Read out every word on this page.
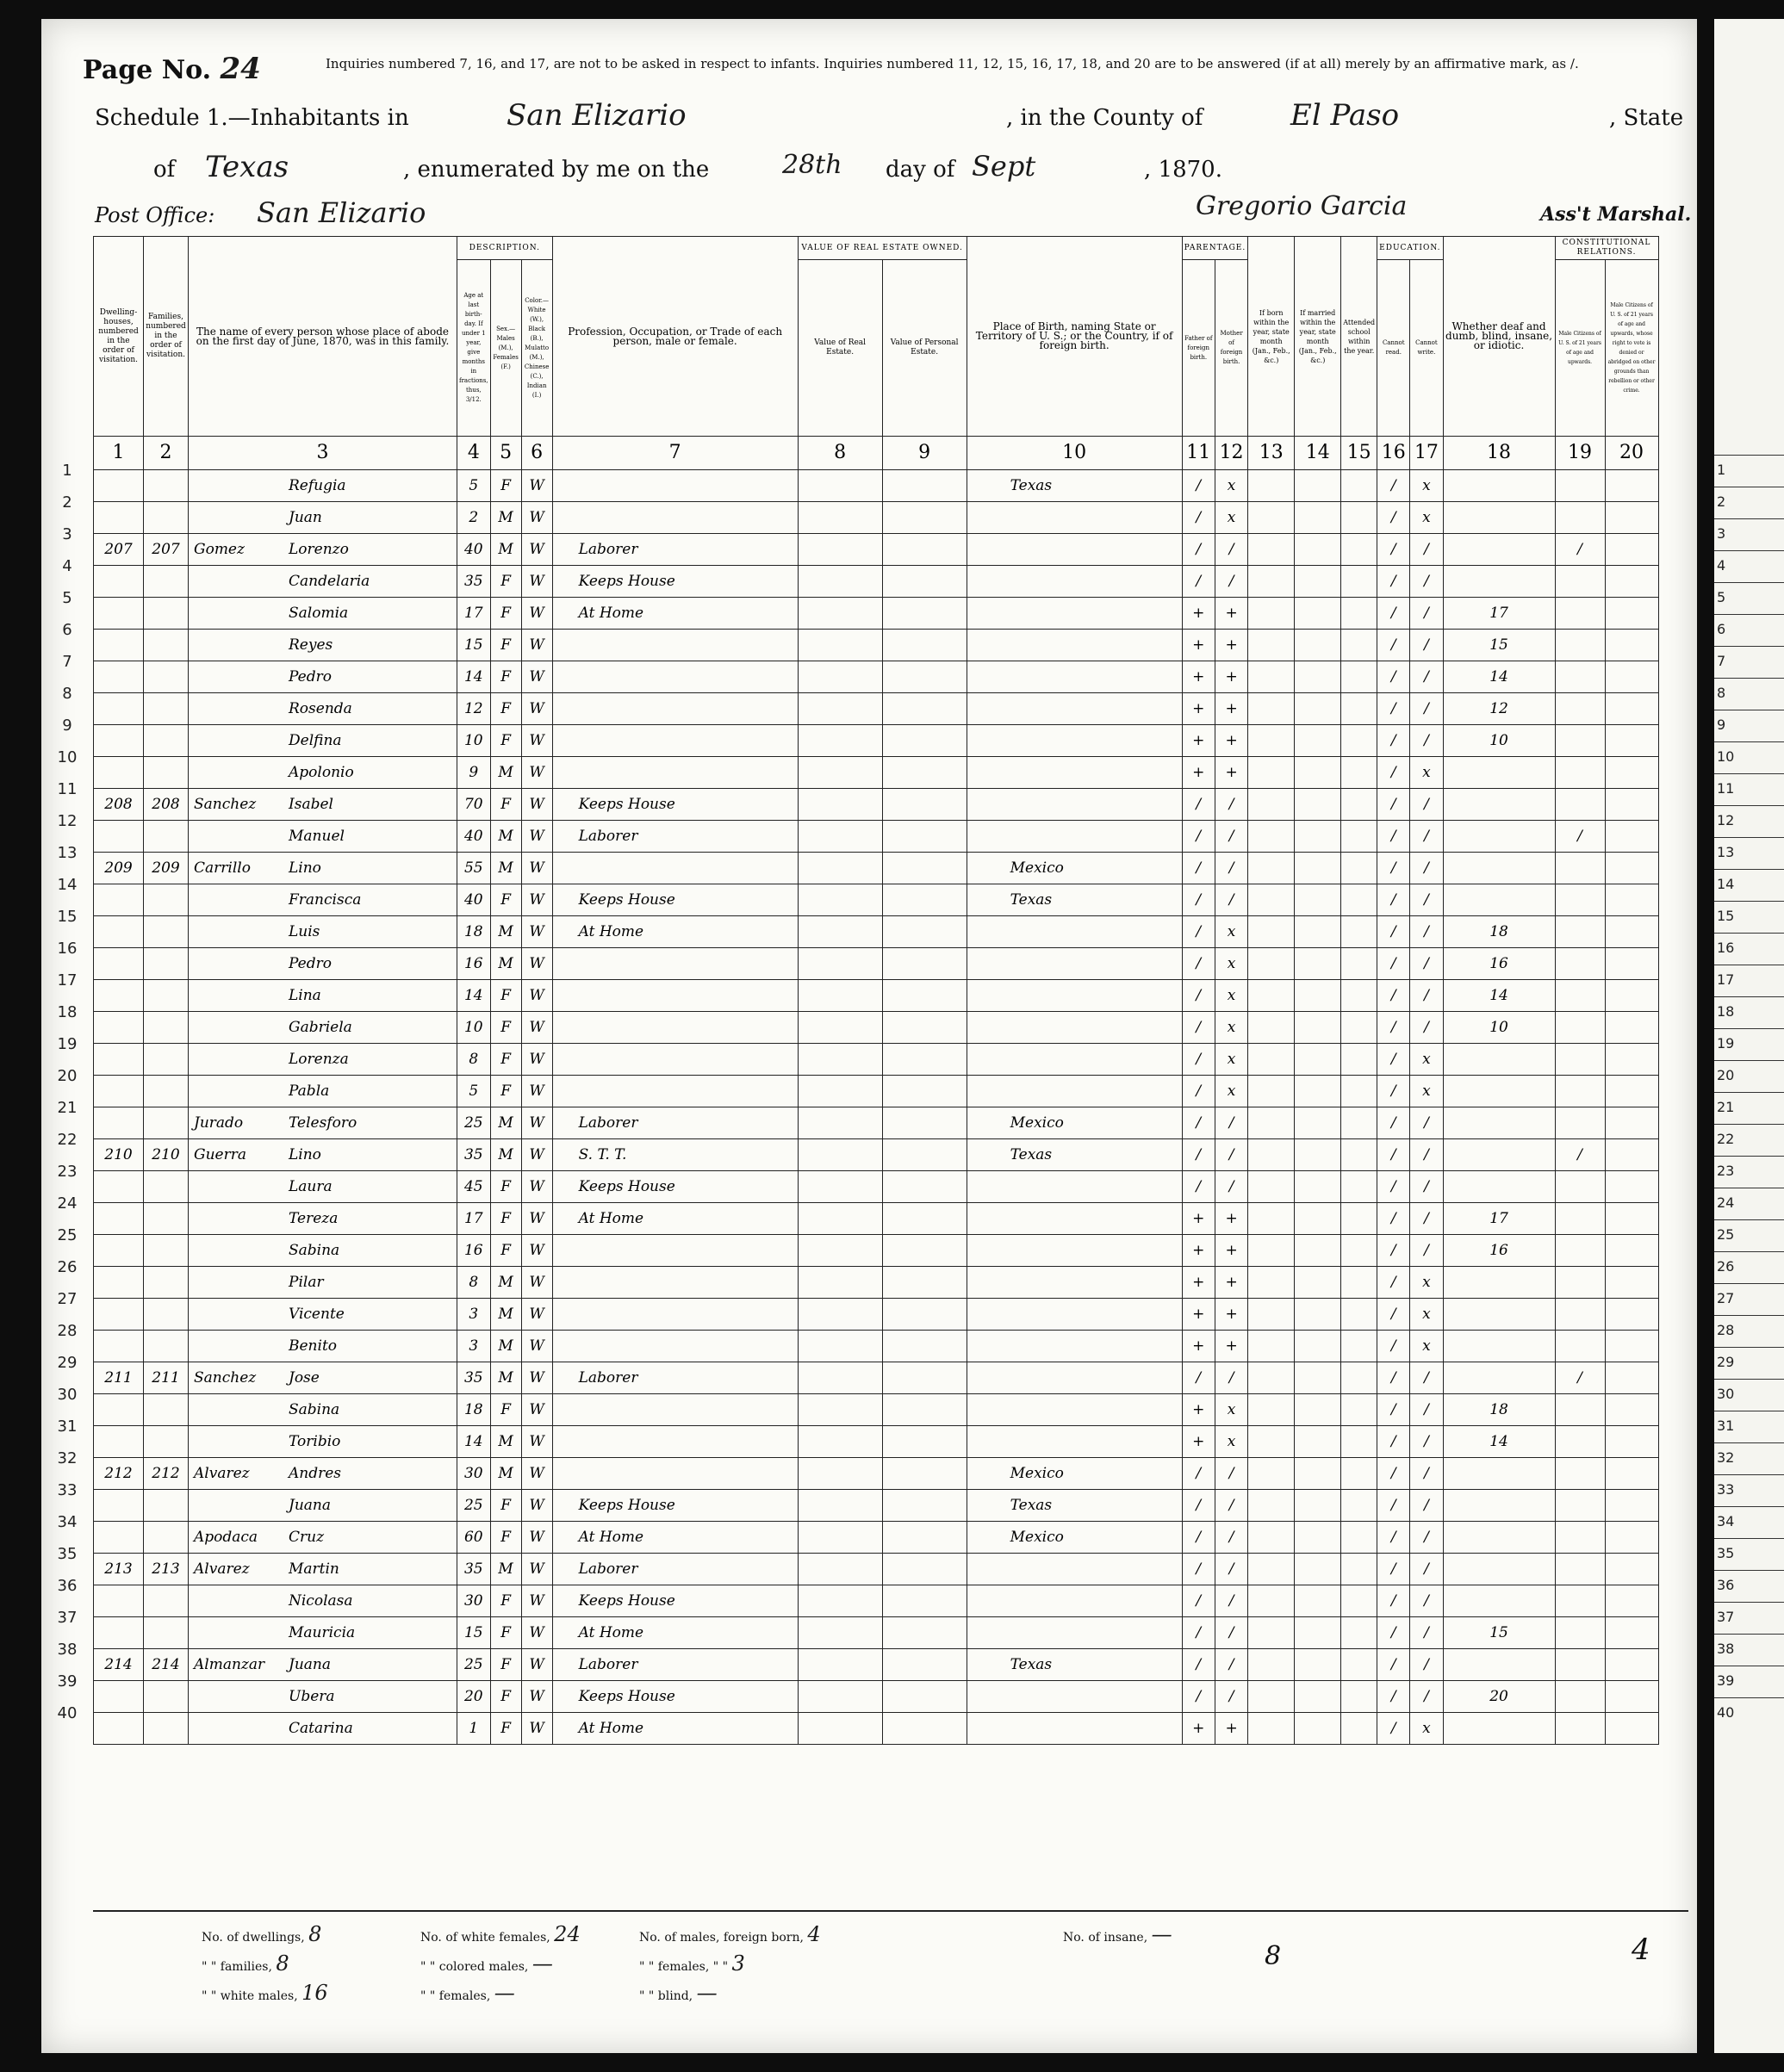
Page No. 24	Inquiries numbered 7, 16, and 17, are not to be asked in respect to infants. Inquiries numbered 11, 12, 15, 16, 17, 18, and 20 are to be answered (if at all) merely by an affirmative mark, as /.
Schedule 1.—Inhabitants in	San Elizario	, in the County of	El Paso	, State
of Texas	, enumerated by me on the	28th day of Sept	, 1870.
Post Office: San Elizario	Gregorio Garcia	Ass't Marshal.
1
2
3
4
5
6
7
8
9
10
11
12
13
14
15
16
17
18
19
20
21
22
23
24
25
26
27
28
29
30
31
32
33
34
35
36
37
38
39
40
Dwelling-houses, numbered in the order of visitation.	Families, numbered in the order of visitation.	The name of every person whose place of abode on the first day of June, 1870, was in this family.	DESCRIPTION.			Profession, Occupation, or Trade of each person, male or female.	VALUE OF REAL ESTATE OWNED.		Place of Birth, naming State or Territory of U. S.; or the Country, if of foreign birth.	PARENTAGE.		If born within the year, state month (Jan., Feb., &c.)	If married within the year, state month (Jan., Feb., &c.)	Attended school within the year.	EDUCATION.		Whether deaf and dumb, blind, insane, or idiotic.	CONSTITUTIONAL RELATIONS.	
			Age at last birth-day. If under 1 year, give months in fractions, thus, 3/12.	Sex.—Males (M.), Females (F.)	Color.—White (W.), Black (B.), Mulatto (M.), Chinese (C.), Indian (I.)		Value of Real Estate.	Value of Personal Estate.		Father of foreign birth.	Mother of foreign birth.				Cannot read.	Cannot write.		Male Citizens of U. S. of 21 years of age and upwards.	Male Citizens of U. S. of 21 years of age and upwards, whose right to vote is denied or abridged on other grounds than rebellion or other crime.
1	2	3	4	5	6	7	8	9	10	11	12	13	14	15	16	17	18	19	20
		Refugia	5	F	W				Texas	/	x				/	x			
		Juan	2	M	W					/	x				/	x			
207	207	Gomez Lorenzo	40	M	W	Laborer				/	/				/	/		/	
		Candelaria	35	F	W	Keeps House				/	/				/	/			
		Salomia	17	F	W	At Home				+	+				/	/	17		
		Reyes	15	F	W					+	+				/	/	15		
		Pedro	14	F	W					+	+				/	/	14		
		Rosenda	12	F	W					+	+				/	/	12		
		Delfina	10	F	W					+	+				/	/	10		
		Apolonio	9	M	W					+	+				/	x			
208	208	Sanchez Isabel	70	F	W	Keeps House				/	/				/	/			
		Manuel	40	M	W	Laborer				/	/				/	/		/	
209	209	Carrillo Lino	55	M	W				Mexico	/	/				/	/			
		Francisca	40	F	W	Keeps House			Texas	/	/				/	/			
		Luis	18	M	W	At Home				/	x				/	/	18		
		Pedro	16	M	W					/	x				/	/	16		
		Lina	14	F	W					/	x				/	/	14		
		Gabriela	10	F	W					/	x				/	/	10		
		Lorenza	8	F	W					/	x				/	x			
		Pabla	5	F	W					/	x				/	x			
		Jurado Telesforo	25	M	W	Laborer			Mexico	/	/				/	/			
210	210	Guerra Lino	35	M	W	S. T. T.			Texas	/	/				/	/		/	
		Laura	45	F	W	Keeps House				/	/				/	/			
		Tereza	17	F	W	At Home				+	+				/	/	17		
		Sabina	16	F	W					+	+				/	/	16		
		Pilar	8	M	W					+	+				/	x			
		Vicente	3	M	W					+	+				/	x			
		Benito	3	M	W					+	+				/	x			
211	211	Sanchez Jose	35	M	W	Laborer				/	/				/	/		/	
		Sabina	18	F	W					+	x				/	/	18		
		Toribio	14	M	W					+	x				/	/	14		
212	212	Alvarez Andres	30	M	W				Mexico	/	/				/	/			
		Juana	25	F	W	Keeps House			Texas	/	/				/	/			
		Apodaca Cruz	60	F	W	At Home			Mexico	/	/				/	/			
213	213	Alvarez Martin	35	M	W	Laborer				/	/				/	/			
		Nicolasa	30	F	W	Keeps House				/	/				/	/			
		Mauricia	15	F	W	At Home				/	/				/	/	15		
214	214	Almanzar Juana	25	F	W	Laborer			Texas	/	/				/	/			
		Ubera	20	F	W	Keeps House				/	/				/	/	20		
		Catarina	1	F	W	At Home				+	+				/	x			
No. of dwellings, 8
" " families, 8
" " white males, 16
No. of white females, 24
" " colored males, —
" " females, —
No. of males, foreign born, 4
" " females, " " 3
" " blind, —
No. of insane, —
8	4
1
2
3
4
5
6
7
8
9
10
11
12
13
14
15
16
17
18
19
20
21
22
23
24
25
26
27
28
29
30
31
32
33
34
35
36
37
38
39
40
